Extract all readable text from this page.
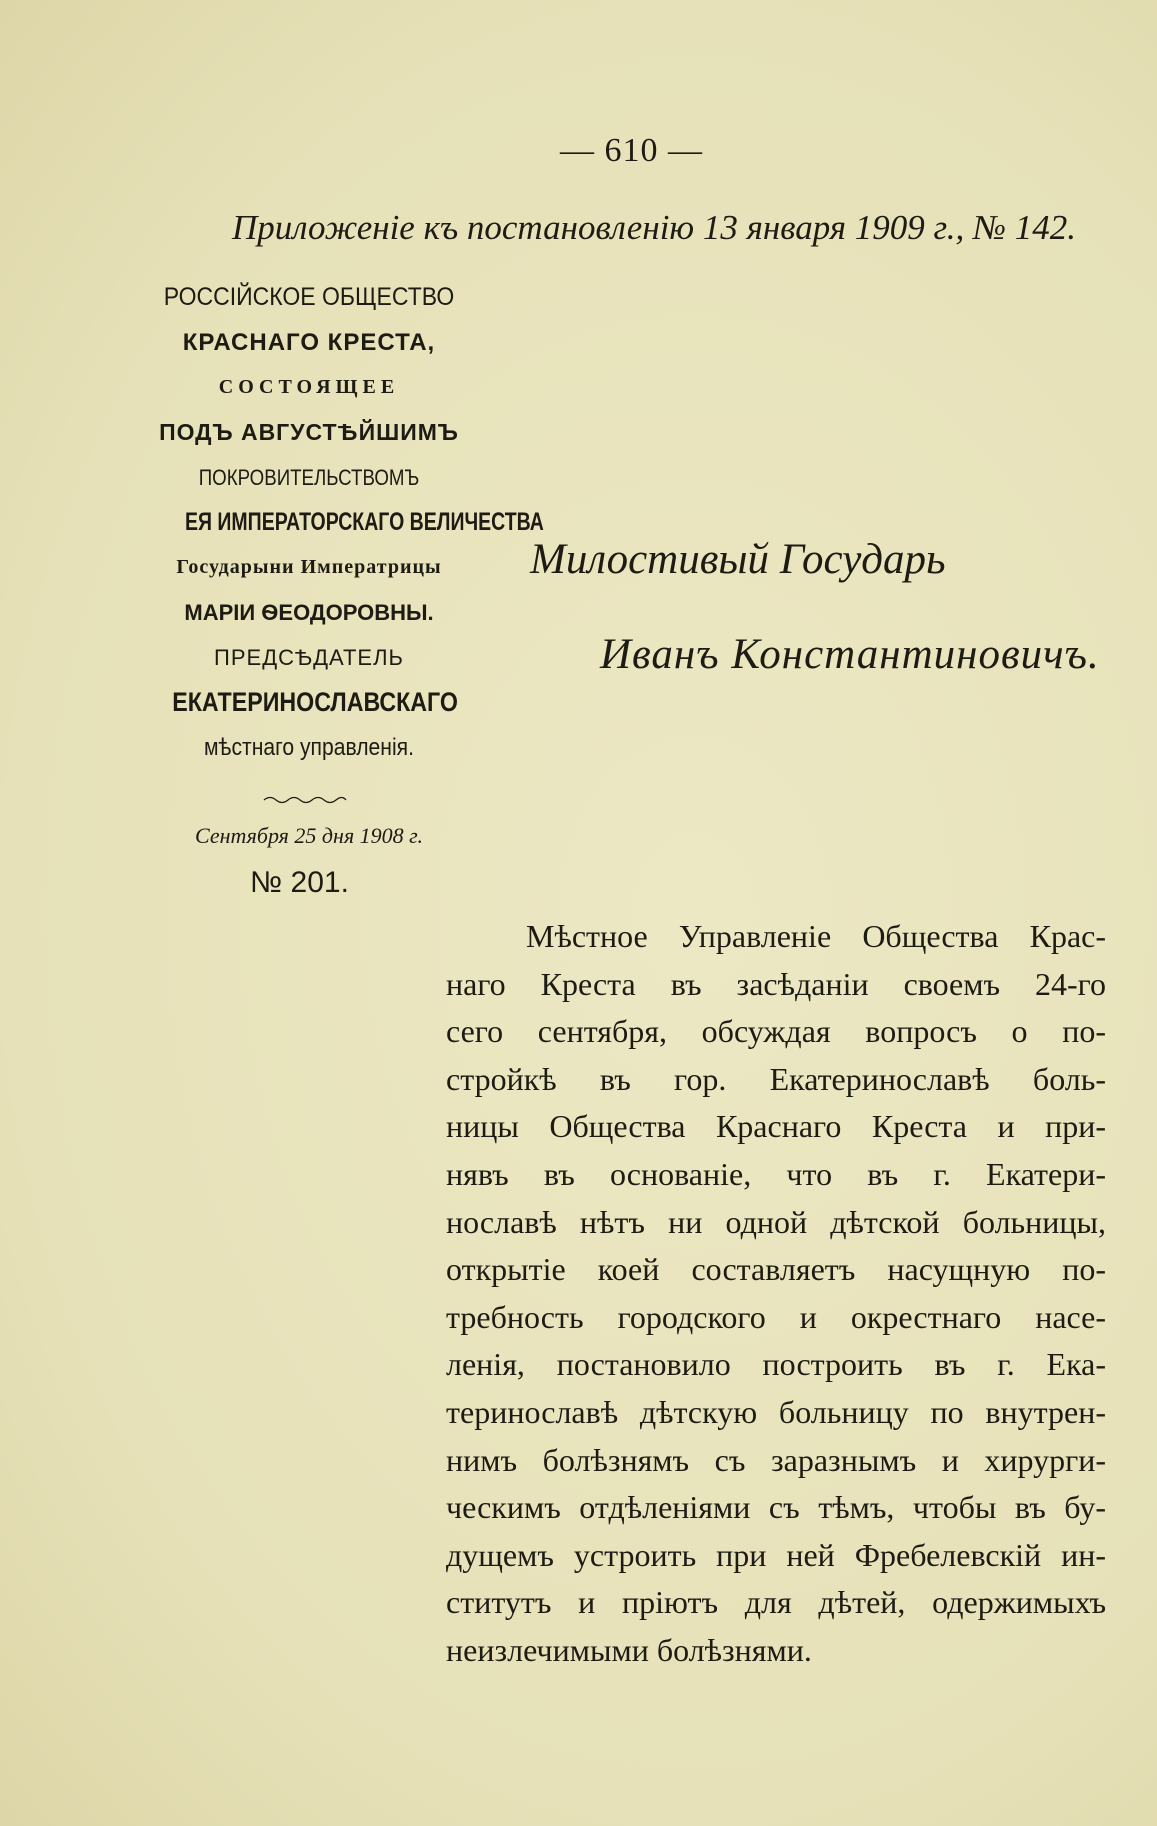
— 610 —
Приложенiе къ постановленiю 13 января 1909 г., № 142.
РОССІЙСКОЕ ОБЩЕСТВО
КРАСНАГО КРЕСТА,
СОСТОЯЩЕЕ
ПОДЪ АВГУСТѢЙШИМЪ
ПОКРОВИТЕЛЬСТВОМЪ
ЕЯ ИМПЕРАТОРСКАГО ВЕЛИЧЕСТВА
Государыни Императрицы
МАРІИ ѲЕОДОРОВНЫ.
ПРЕДСѢДАТЕЛЬ
ЕКАТЕРИНОСЛАВСКАГО
мѣстнаго управленія.
Сентября 25 дня 1908 г.
№ 201.
Милостивый Государь
Иванъ Константиновичъ.
Мѣстное Управленіе Общества Крас-
наго Креста въ засѣданіи своемъ 24-го
сего сентября, обсуждая вопросъ о по-
стройкѣ въ гор. Екатеринославѣ боль-
ницы Общества Краснаго Креста и при-
нявъ въ основаніе, что въ г. Екатери-
нославѣ нѣтъ ни одной дѣтской больницы,
открытіе коей составляетъ насущную по-
требность городского и окрестнаго насе-
ленія, постановило построить въ г. Ека-
теринославѣ дѣтскую больницу по внутрен-
нимъ болѣзнямъ съ заразнымъ и хирурги-
ческимъ отдѣленіями съ тѣмъ, чтобы въ бу-
дущемъ устроить при ней Фребелевскій ин-
ститутъ и пріютъ для дѣтей, одержимыхъ
неизлечимыми болѣзнями.
